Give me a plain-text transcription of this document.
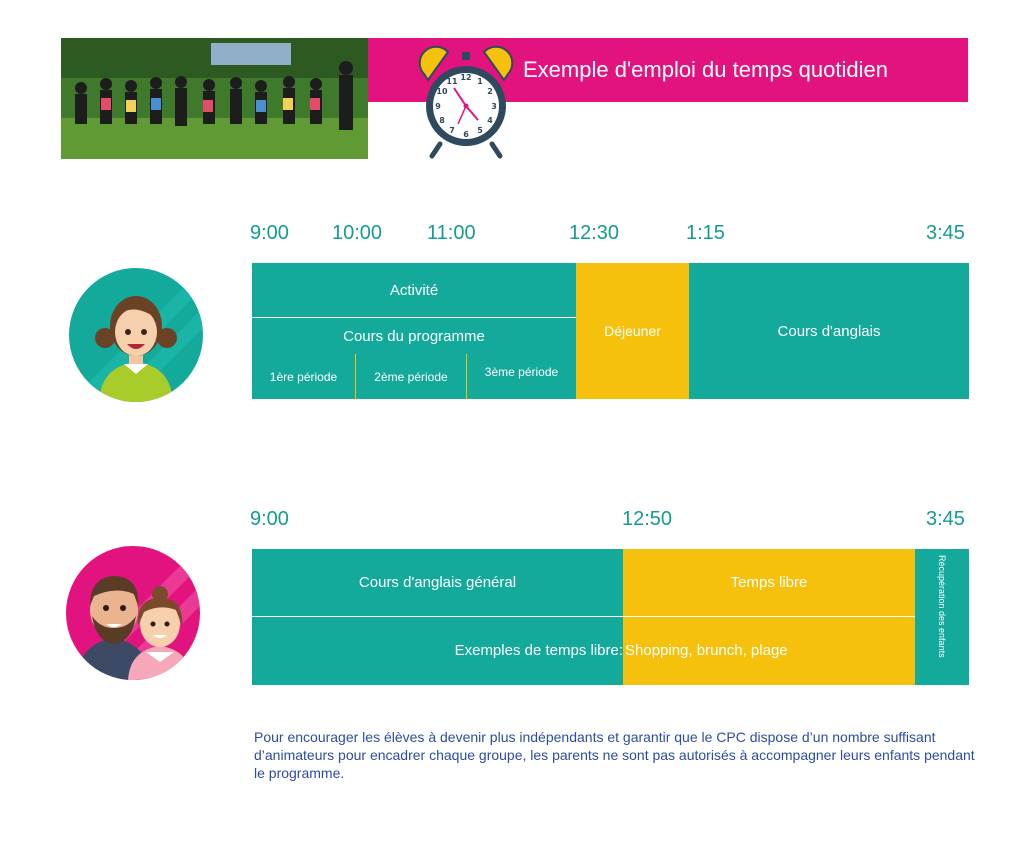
Exemple d'emploi du temps quotidien
12 1
2
3
4
5
6
7
8
9
10
11
9:00 10:00 11:00	12:30	1:15	3:45
Activité
Cours du programme
1ère période	2ème période	3ème période
Déjeuner	Cours d'anglais
9:00	12:50	3:45
Cours d'anglais général	Temps libre
Exemples de temps libre: Shopping, brunch, plage	Récupération des enfants
Pour encourager les élèves à devenir plus indépendants et garantir que le CPC dispose d’un nombre suffisant d’animateurs pour encadrer chaque groupe, les parents ne sont pas autorisés à accompagner leurs enfants pendant le programme.
